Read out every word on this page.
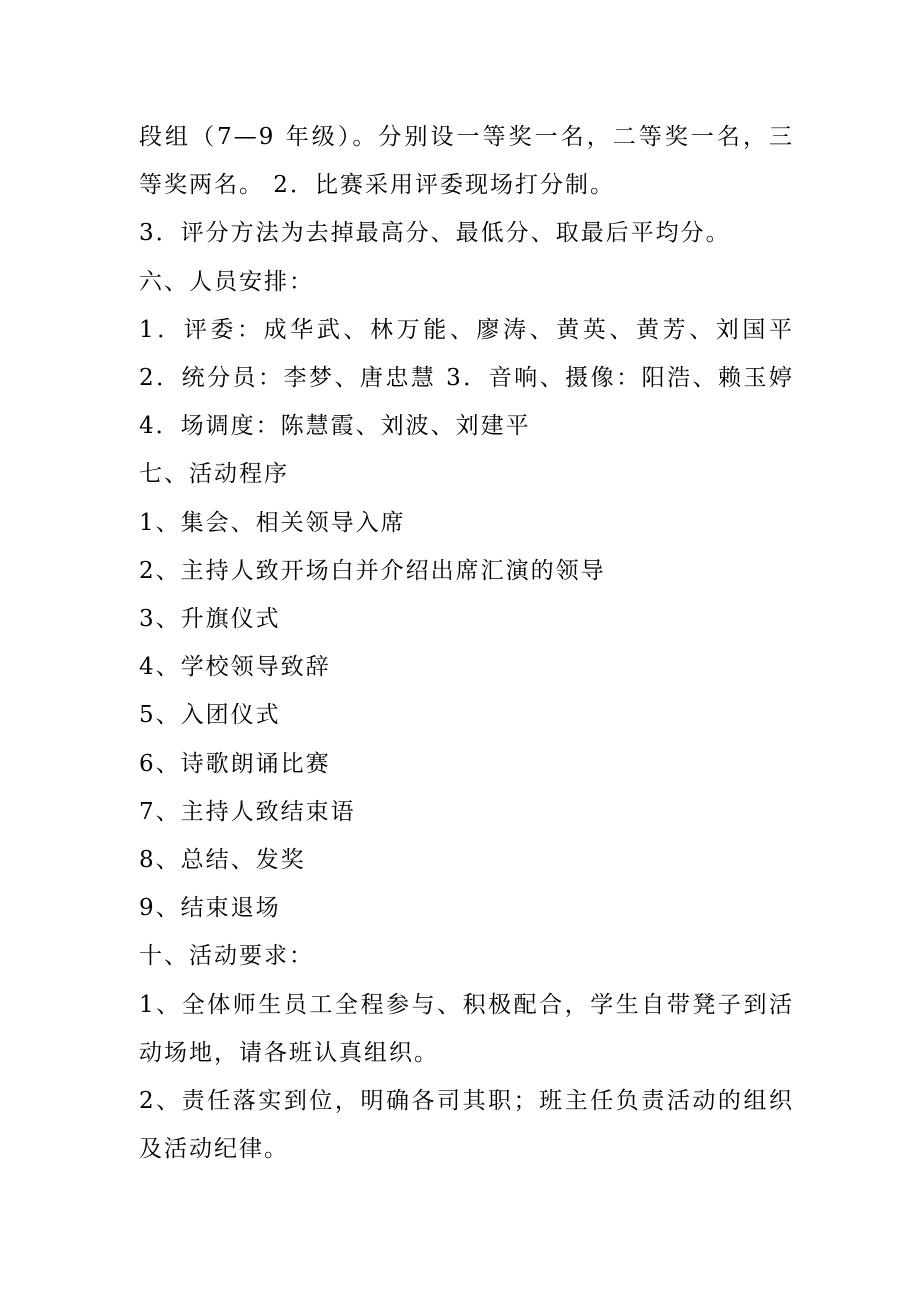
段组（7—9 年级）。分别设一等奖一名，二等奖一名，三等奖两名。 2．比赛采用评委现场打分制。

3．评分方法为去掉最高分、最低分、取最后平均分。

六、人员安排：

1．评委：成华武、林万能、廖涛、黄英、黄芳、刘国平 2．统分员：李梦、唐忠慧 3．音响、摄像：阳浩、赖玉婷 4．场调度：陈慧霞、刘波、刘建平

七、活动程序

1、集会、相关领导入席

2、主持人致开场白并介绍出席汇演的领导

3、升旗仪式

4、学校领导致辞

5、入团仪式

6、诗歌朗诵比赛

7、主持人致结束语

8、总结、发奖

9、结束退场

十、活动要求：

1、全体师生员工全程参与、积极配合，学生自带凳子到活动场地，请各班认真组织。

2、责任落实到位，明确各司其职；班主任负责活动的组织及活动纪律。
